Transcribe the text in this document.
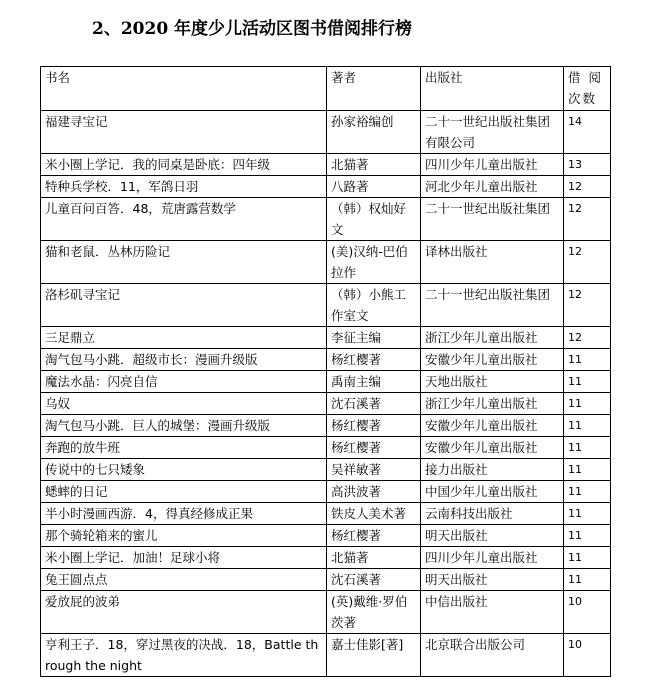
2、2020 年度少儿活动区图书借阅排行榜
书名	著者	出版社	借 阅 次数
福建寻宝记	孙家裕编创	二十一世纪出版社集团有限公司	14
米小圈上学记．我的同桌是卧底：四年级	北猫著	四川少年儿童出版社	13
特种兵学校．11，军鸽日羽	八路著	河北少年儿童出版社	12
儿童百问百答．48，荒唐露营数学	（韩）权灿好文	二十一世纪出版社集团	12
猫和老鼠．丛林历险记	(美)汉纳-巴伯拉作	译林出版社	12
洛杉矶寻宝记	（韩）小熊工作室文	二十一世纪出版社集团	12
三足鼎立	李征主编	浙江少年儿童出版社	12
淘气包马小跳．超级市长：漫画升级版	杨红樱著	安徽少年儿童出版社	11
魔法水晶：闪亮自信	禹南主编	天地出版社	11
乌奴	沈石溪著	浙江少年儿童出版社	11
淘气包马小跳．巨人的城堡：漫画升级版	杨红樱著	安徽少年儿童出版社	11
奔跑的放牛班	杨红樱著	安徽少年儿童出版社	11
传说中的七只矮象	吴祥敏著	接力出版社	11
蟋蟀的日记	高洪波著	中国少年儿童出版社	11
半小时漫画西游．4，得真经修成正果	铁皮人美术著	云南科技出版社	11
那个骑轮箱来的蜜儿	杨红樱著	明天出版社	11
米小圈上学记．加油！足球小将	北猫著	四川少年儿童出版社	11
兔王圆点点	沈石溪著	明天出版社	11
爱放屁的波弟	(英)戴维·罗伯茨著	中信出版社	10
亨利王子．18，穿过黑夜的决战．18，Battle through the night	嘉士佳影[著]	北京联合出版公司	10
